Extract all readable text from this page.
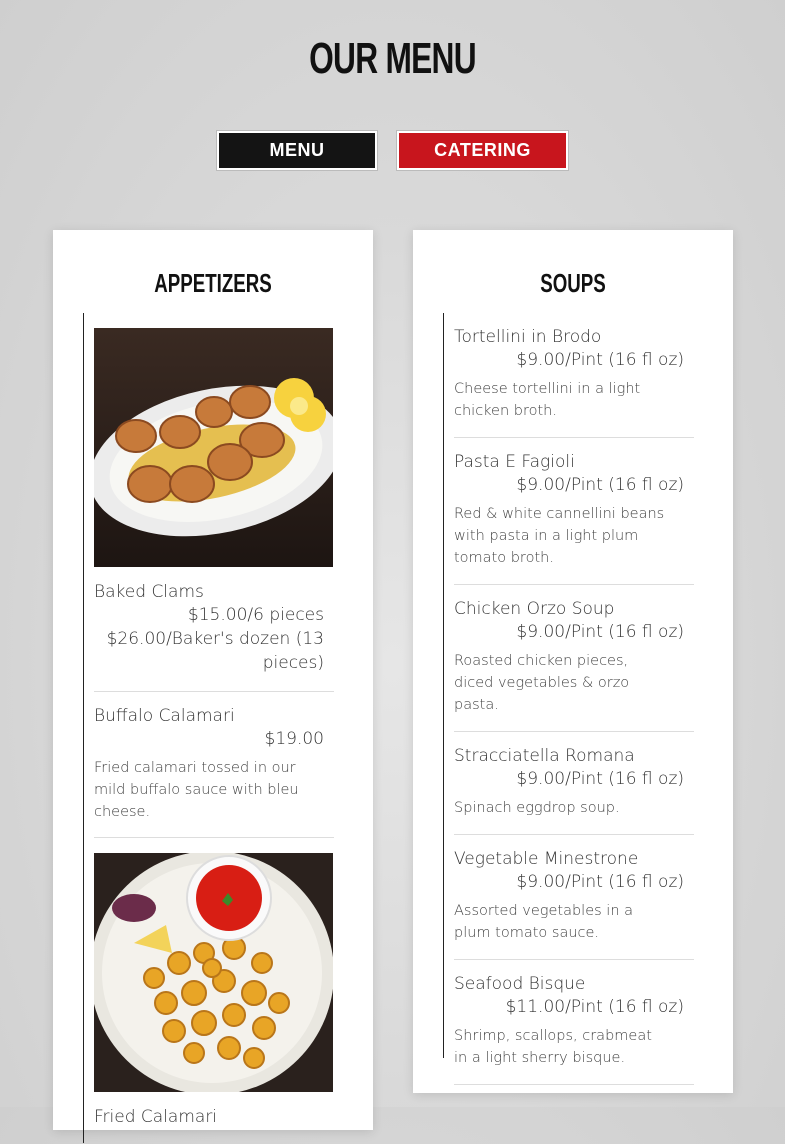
OUR MENU
MENU	CATERING
APPETIZERS
Baked Clams
$15.00/6 pieces
$26.00/Baker's dozen (13
pieces)
Buffalo Calamari
$19.00
Fried calamari tossed in our mild buffalo sauce with bleu cheese.
Fried Calamari
SOUPS
Tortellini in Brodo
$9.00/Pint (16 fl oz)
Cheese tortellini in a light chicken broth.
Pasta E Fagioli
$9.00/Pint (16 fl oz)
Red & white cannellini beans with pasta in a light plum tomato broth.
Chicken Orzo Soup
$9.00/Pint (16 fl oz)
Roasted chicken pieces, diced vegetables & orzo pasta.
Stracciatella Romana
$9.00/Pint (16 fl oz)
Spinach eggdrop soup.
Vegetable Minestrone
$9.00/Pint (16 fl oz)
Assorted vegetables in a plum tomato sauce.
Seafood Bisque
$11.00/Pint (16 fl oz)
Shrimp, scallops, crabmeat in a light sherry bisque.
